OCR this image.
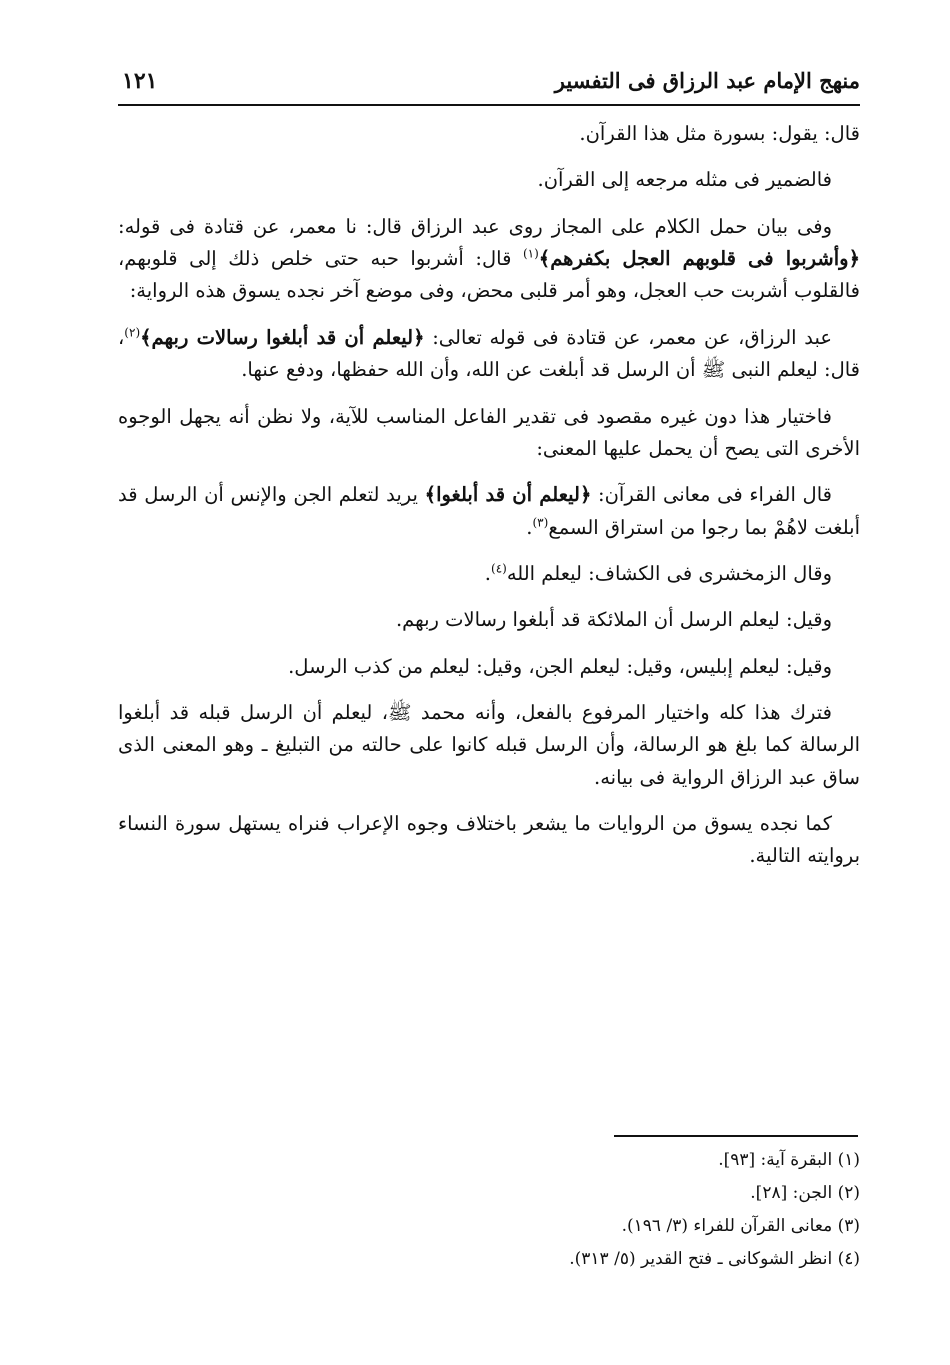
منهج الإمام عبد الرزاق فى التفسير
١٢١

قال: يقول: بسورة مثل هذا القرآن.

فالضمير فى مثله مرجعه إلى القرآن.

وفى بيان حمل الكلام على المجاز روى عبد الرزاق قال: نا معمر، عن قتادة فى قوله: ﴿وأشربوا فى قلوبهم العجل بكفرهم﴾$^{(١)}$ قال: أشربوا حبه حتى خلص ذلك إلى قلوبهم، فالقلوب أشربت حب العجل، وهو أمر قلبى محض، وفى موضع آخر نجده يسوق هذه الرواية:

عبد الرزاق، عن معمر، عن قتادة فى قوله تعالى: ﴿ليعلم أن قد أبلغوا رسالات ربهم﴾$^{(٢)}$، قال: ليعلم النبى ﷺ أن الرسل قد أبلغت عن الله، وأن الله حفظها، ودفع عنها.

فاختيار هذا دون غيره مقصود فى تقدير الفاعل المناسب للآية، ولا نظن أنه يجهل الوجوه الأخرى التى يصح أن يحمل عليها المعنى:

قال الفراء فى معانى القرآن: ﴿ليعلم أن قد أبلغوا﴾ يريد لتعلم الجن والإنس أن الرسل قد أبلغت لاهُمْ بما رجوا من استراق السمع$^{(٣)}$.

وقال الزمخشرى فى الكشاف: ليعلم الله$^{(٤)}$.

وقيل: ليعلم الرسل أن الملائكة قد أبلغوا رسالات ربهم.

وقيل: ليعلم إبليس، وقيل: ليعلم الجن، وقيل: ليعلم من كذب الرسل.

فترك هذا كله واختيار المرفوع بالفعل، وأنه محمد ﷺ، ليعلم أن الرسل قبله قد أبلغوا الرسالة كما بلغ هو الرسالة، وأن الرسل قبله كانوا على حالته من التبليغ ـ وهو المعنى الذى ساق عبد الرزاق الرواية فى بيانه.

كما نجده يسوق من الروايات ما يشعر باختلاف وجوه الإعراب فنراه يستهل سورة النساء بروايته التالية.

(١) البقرة آية: [٩٣].

(٢) الجن: [٢٨].

(٣) معانى القرآن للفراء (٣/ ١٩٦).

(٤) انظر الشوكانى ـ فتح القدير (٥/ ٣١٣).
